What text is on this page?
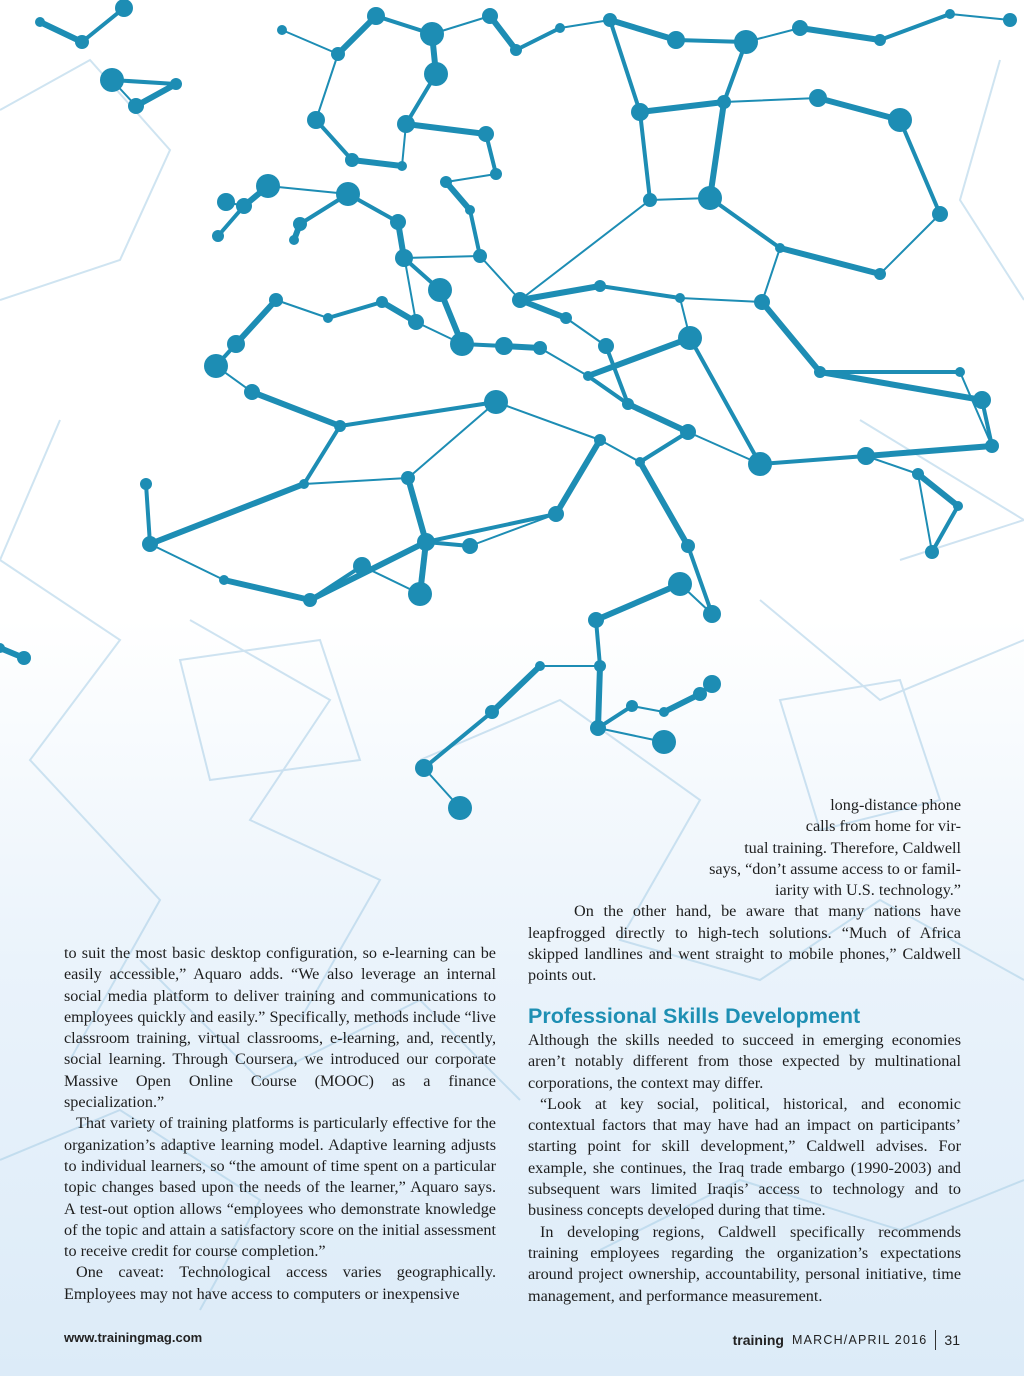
to suit the most basic desktop configuration, so e-learning can be easily accessible,” Aquaro adds. “We also leverage an internal social media platform to deliver training and communications to employees quickly and easily.” Specifically, methods include “live classroom training, virtual classrooms, e-learning, and, recently, social learning. Through Coursera, we introduced our corporate Massive Open Online Course (MOOC) as a finance specialization.”

That variety of training platforms is particularly effective for the organization’s adaptive learning model. Adaptive learning adjusts to individual learners, so “the amount of time spent on a particular topic changes based upon the needs of the learner,” Aquaro says. A test-out option allows “employees who demonstrate knowledge of the topic and attain a satisfactory score on the initial assessment to receive credit for course completion.”

One caveat: Technological access varies geographically. Employees may not have access to computers or inexpensive

long-distance phone

calls from home for vir-

tual training. Therefore, Caldwell

says, “don’t assume access to or famil-

iarity with U.S. technology.”

On the other hand, be aware that many nations have leapfrogged directly to high-tech solutions. “Much of Africa skipped landlines and went straight to mobile phones,” Caldwell points out.

Professional Skills Development

Although the skills needed to succeed in emerging economies aren’t notably different from those expected by multinational corporations, the context may differ.

“Look at key social, political, historical, and economic contextual factors that may have had an impact on participants’ starting point for skill development,” Caldwell advises. For example, she continues, the Iraq trade embargo (1990-2003) and subsequent wars limited Iraqis’ access to technology and to business concepts developed during that time.

In developing regions, Caldwell specifically recommends training employees regarding the organization’s expectations around project ownership, accountability, personal initiative, time management, and performance measurement.

www.trainingmag.com	training MARCH/APRIL 2016 31
